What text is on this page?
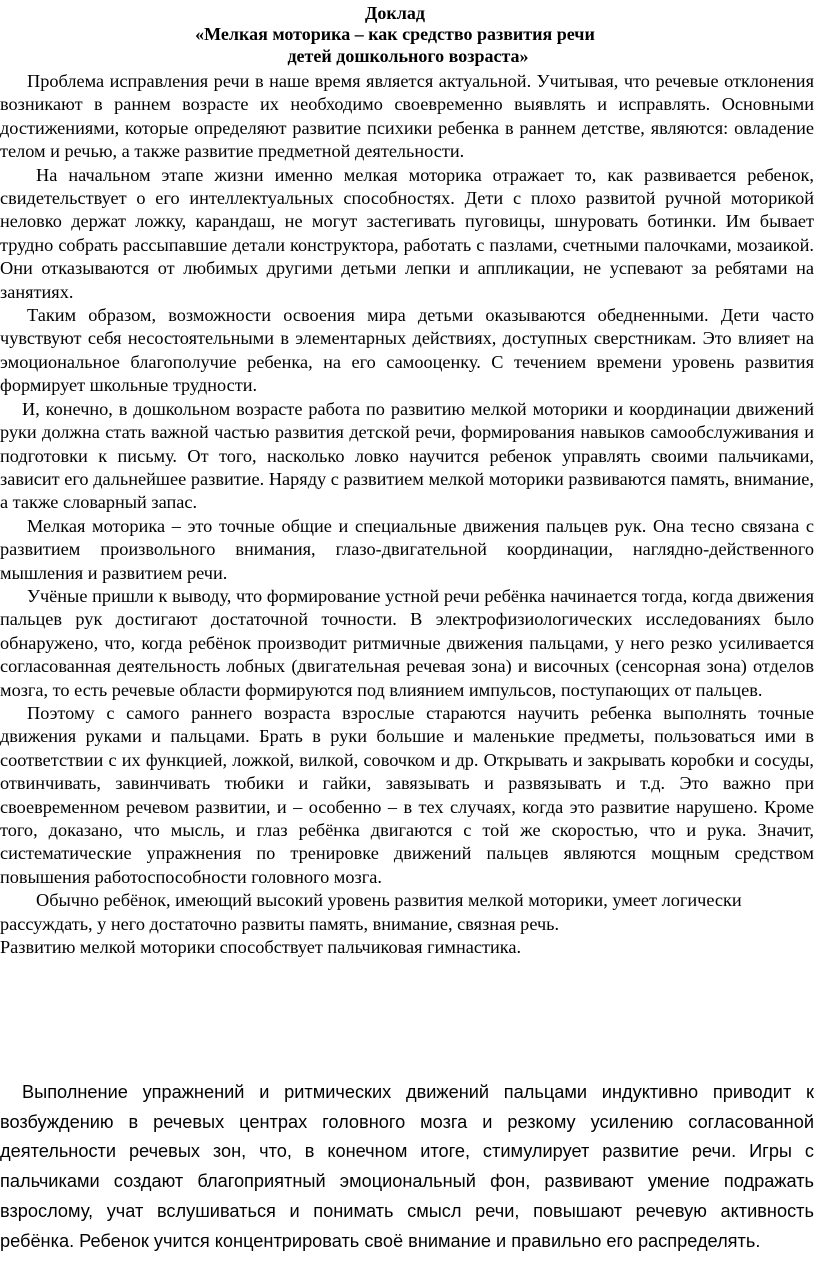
Доклад

«Мелкая моторика – как средство развития речи

детей дошкольного возраста»

Проблема исправления речи в наше время является актуальной. Учитывая, что речевые отклонения возникают в раннем возрасте их необходимо своевременно выявлять и исправлять. Основными достижениями, которые определяют развитие психики ребенка в раннем детстве, являются: овладение телом и речью, а также развитие предметной деятельности.

На начальном этапе жизни именно мелкая моторика отражает то, как развивается ребенок, свидетельствует о его интеллектуальных способностях. Дети с плохо развитой ручной моторикой неловко держат ложку, карандаш, не могут застегивать пуговицы, шнуровать ботинки. Им бывает трудно собрать рассыпавшие детали конструктора, работать с пазлами, счетными палочками, мозаикой. Они отказываются от любимых другими детьми лепки и аппликации, не успевают за ребятами на занятиях.

Таким образом, возможности освоения мира детьми оказываются обедненными. Дети часто чувствуют себя несостоятельными в элементарных действиях, доступных сверстникам. Это влияет на эмоциональное благополучие ребенка, на его самооценку. С течением времени уровень развития формирует школьные трудности.

И, конечно, в дошкольном возрасте работа по развитию мелкой моторики и координации движений руки должна стать важной частью развития детской речи, формирования навыков самообслуживания и подготовки к письму. От того, насколько ловко научится ребенок управлять своими пальчиками, зависит его дальнейшее развитие. Наряду с развитием мелкой моторики развиваются память, внимание, а также словарный запас.

Мелкая моторика – это точные общие и специальные движения пальцев рук. Она тесно связана с развитием произвольного внимания, глазо-двигательной координации, наглядно-действенного мышления и развитием речи.

Учёные пришли к выводу, что формирование устной речи ребёнка начинается тогда, когда движения пальцев рук достигают достаточной точности. В электрофизиологических исследованиях было обнаружено, что, когда ребёнок производит ритмичные движения пальцами, у него резко усиливается согласованная деятельность лобных (двигательная речевая зона) и височных (сенсорная зона) отделов мозга, то есть речевые области формируются под влиянием импульсов, поступающих от пальцев.

Поэтому с самого раннего возраста взрослые стараются научить ребенка выполнять точные движения руками и пальцами. Брать в руки большие и маленькие предметы, пользоваться ими в соответствии с их функцией, ложкой, вилкой, совочком и др. Открывать и закрывать коробки и сосуды, отвинчивать, завинчивать тюбики и гайки, завязывать и развязывать и т.д. Это важно при своевременном речевом развитии, и – особенно – в тех случаях, когда это развитие нарушено. Кроме того, доказано, что мысль, и глаз ребёнка двигаются с той же скоростью, что и рука. Значит, систематические упражнения по тренировке движений пальцев являются мощным средством повышения работоспособности головного мозга.

Обычно ребёнок, имеющий высокий уровень развития мелкой моторики, умеет логически

рассуждать, у него достаточно развиты память, внимание, связная речь.

Развитию мелкой моторики способствует пальчиковая гимнастика.

Выполнение упражнений и ритмических движений пальцами индуктивно приводит к возбуждению в речевых центрах головного мозга и резкому усилению согласованной деятельности речевых зон, что, в конечном итоге, стимулирует развитие речи. Игры с пальчиками создают благоприятный эмоциональный фон, развивают умение подражать взрослому, учат вслушиваться и понимать смысл речи, повышают речевую активность ребёнка. Ребенок учится концентрировать своё внимание и правильно его распределять.
